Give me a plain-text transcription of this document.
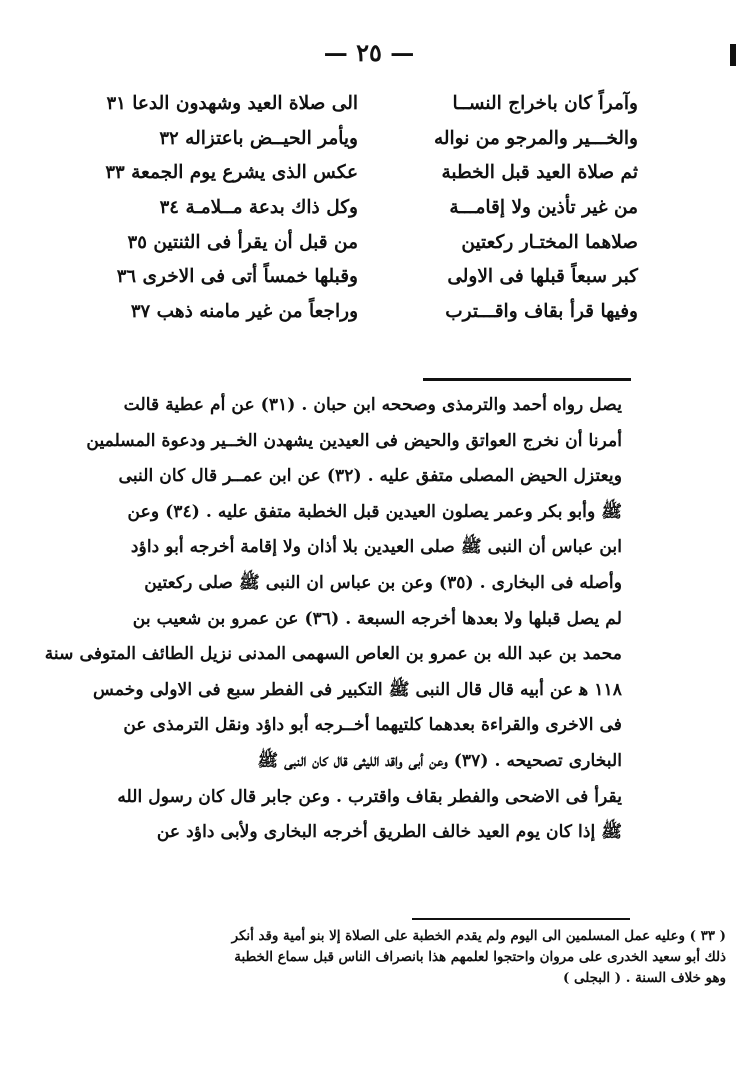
— ٢٥ —
وآمراً كان باخراج النســا
الى صلاة العيد وشهدون الدعا ٣١
والخـــير والمرجو من نواله
ويأمر الحيــض باعتزاله ٣٢
ثم صلاة العيد قبل الخطبة
عكس الذى يشرع يوم الجمعة ٣٣
من غير تأذين ولا إقامـــة
وكل ذاك بدعة مــلامـة ٣٤
صلاهما المختـار ركعتين
من قبل أن يقرأ فى الثنتين ٣٥
كبر سبعاً قبلها فى الاولى
وقبلها خمساً أتى فى الاخرى ٣٦
وفيها قرأ بقاف واقـــترب
وراجعاً من غير مامنه ذهب ٣٧
يصل رواه أحمد والترمذى وصححه ابن حبان . (٣١) عن أم عطية قالت
أمرنا أن نخرج العواتق والحيض فى العيدين يشهدن الخــير ودعوة المسلمين
ويعتزل الحيض المصلى متفق عليه . (٣٢) عن ابن عمــر قال كان النبى
ﷺ وأبو بكر وعمر يصلون العيدين قبل الخطبة متفق عليه . (٣٤) وعن
ابن عباس أن النبى ﷺ صلى العيدين بلا أذان ولا إقامة أخرجه أبو داؤد
وأصله فى البخارى . (٣٥) وعن بن عباس ان النبى ﷺ صلى ركعتين
لم يصل قبلها ولا بعدها أخرجه السبعة . (٣٦) عن عمرو بن شعيب بن
محمد بن عبد الله بن عمرو بن العاص السهمى المدنى نزيل الطائف المتوفى سنة
١١٨ ﻫ عن أبيه قال قال النبى ﷺ التكبير فى الفطر سبع فى الاولى وخمس
فى الاخرى والقراءة بعدهما كلتيهما أخــرجه أبو داؤد ونقل الترمذى عن
البخارى تصحيحه . (٣٧) وعن أبى واقد الليثى قال كان النبى ﷺ
يقرأ فى الاضحى والفطر بقاف واقترب . وعن جابر قال كان رسول الله
ﷺ إذا كان يوم العيد خالف الطريق أخرجه البخارى ولأبى داؤد عن
( ٣٣ ) وعليه عمل المسلمين الى اليوم ولم يقدم الخطبة على الصلاة إلا بنو أمية وقد أنكر
ذلك أبو سعيد الخدرى على مروان واحتجوا لعلمهم هذا بانصراف الناس قبل سماع الخطبة
وهو خلاف السنة . ( البجلى )
